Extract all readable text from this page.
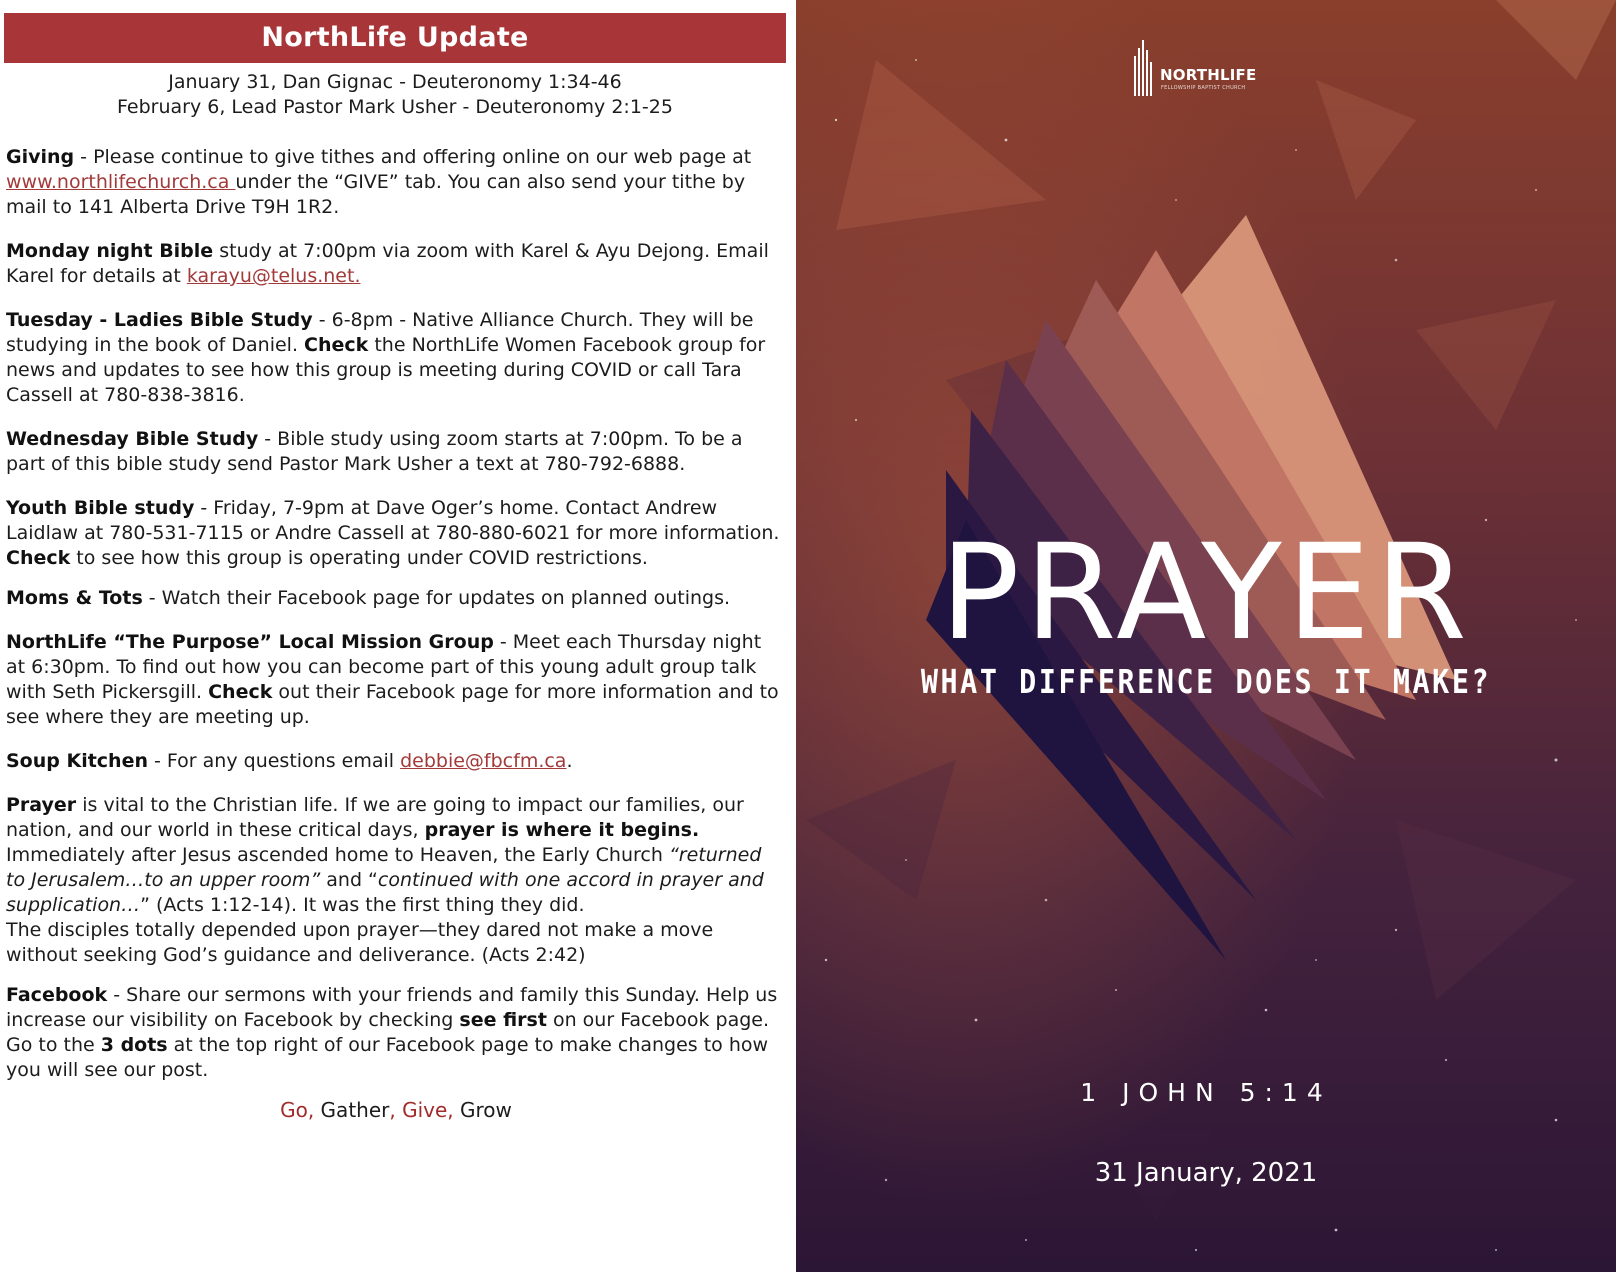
NorthLife Update
January 31, Dan Gignac - Deuteronomy 1:34-46
February 6, Lead Pastor Mark Usher - Deuteronomy 2:1-25

Giving - Please continue to give tithes and offering online on our web page at www.northlifechurch.ca under the “GIVE” tab. You can also send your tithe by mail to 141 Alberta Drive T9H 1R2.

Monday night Bible study at 7:00pm via zoom with Karel & Ayu Dejong. Email Karel for details at karayu@telus.net.

Tuesday - Ladies Bible Study - 6-8pm - Native Alliance Church. They will be studying in the book of Daniel. Check the NorthLife Women Facebook group for news and updates to see how this group is meeting during COVID or call Tara Cassell at 780-838-3816.

Wednesday Bible Study - Bible study using zoom starts at 7:00pm. To be a part of this bible study send Pastor Mark Usher a text at 780-792-6888.

Youth Bible study - Friday, 7-9pm at Dave Oger’s home. Contact Andrew Laidlaw at 780-531-7115 or Andre Cassell at 780-880-6021 for more information. Check to see how this group is operating under COVID restrictions.

Moms & Tots - Watch their Facebook page for updates on planned outings.

NorthLife “The Purpose” Local Mission Group - Meet each Thursday night at 6:30pm. To find out how you can become part of this young adult group talk with Seth Pickersgill. Check out their Facebook page for more information and to see where they are meeting up.

Soup Kitchen - For any questions email debbie@fbcfm.ca.

Prayer is vital to the Christian life. If we are going to impact our families, our nation, and our world in these critical days, prayer is where it begins. Immediately after Jesus ascended home to Heaven, the Early Church “returned to Jerusalem…to an upper room” and “continued with one accord in prayer and supplication…” (Acts 1:12-14). It was the first thing they did.
The disciples totally depended upon prayer—they dared not make a move without seeking God’s guidance and deliverance. (Acts 2:42)

Facebook - Share our sermons with your friends and family this Sunday. Help us increase our visibility on Facebook by checking see first on our Facebook page. Go to the 3 dots at the top right of our Facebook page to make changes to how you will see our post.

Go, Gather, Give, Grow
NORTHLIFE
FELLOWSHIP BAPTIST CHURCH
PRAYER
WHAT DIFFERENCE DOES IT MAKE?
1 JOHN 5:14
31 January, 2021
